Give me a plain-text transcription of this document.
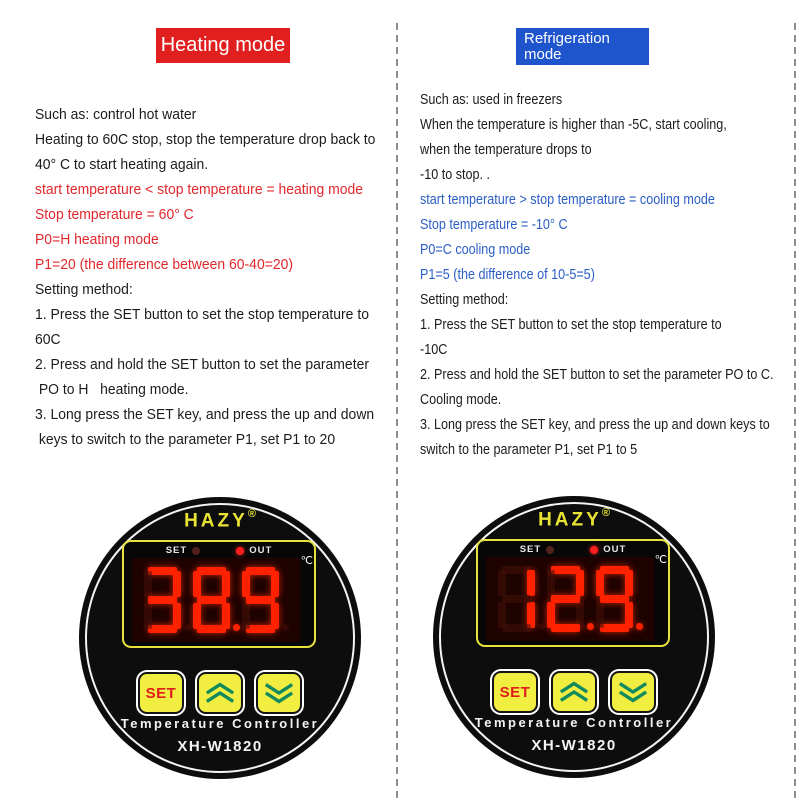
Heating mode	Refrigeration mode

Such as: control hot water

Heating to 60C stop, stop the temperature drop back to

40° C to start heating again.

start temperature < stop temperature = heating mode

Stop temperature = 60° C

P0=H heating mode

P1=20 (the difference between 60-40=20)

Setting method:

1. Press the SET button to set the stop temperature to

60C

2. Press and hold the SET button to set the parameter

PO to H   heating mode.

3. Long press the SET key, and press the up and down

keys to switch to the parameter P1, set P1 to 20

Such as: used in freezers

When the temperature is higher than -5C, start cooling,

when the temperature drops to

-10 to stop. .

start temperature > stop temperature = cooling mode

Stop temperature = -10° C

P0=C cooling mode

P1=5 (the difference of 10-5=5)

Setting method:

1. Press the SET button to set the stop temperature to

-10C

2. Press and hold the SET button to set the parameter PO to C.

Cooling mode.

3. Long press the SET key, and press the up and down keys to

switch to the parameter P1, set P1 to 5

HAZY®
SET	OUT
℃
SET
Temperature Controller
XH-W1820
HAZY®
SET	OUT
℃
SET
Temperature Controller
XH-W1820
